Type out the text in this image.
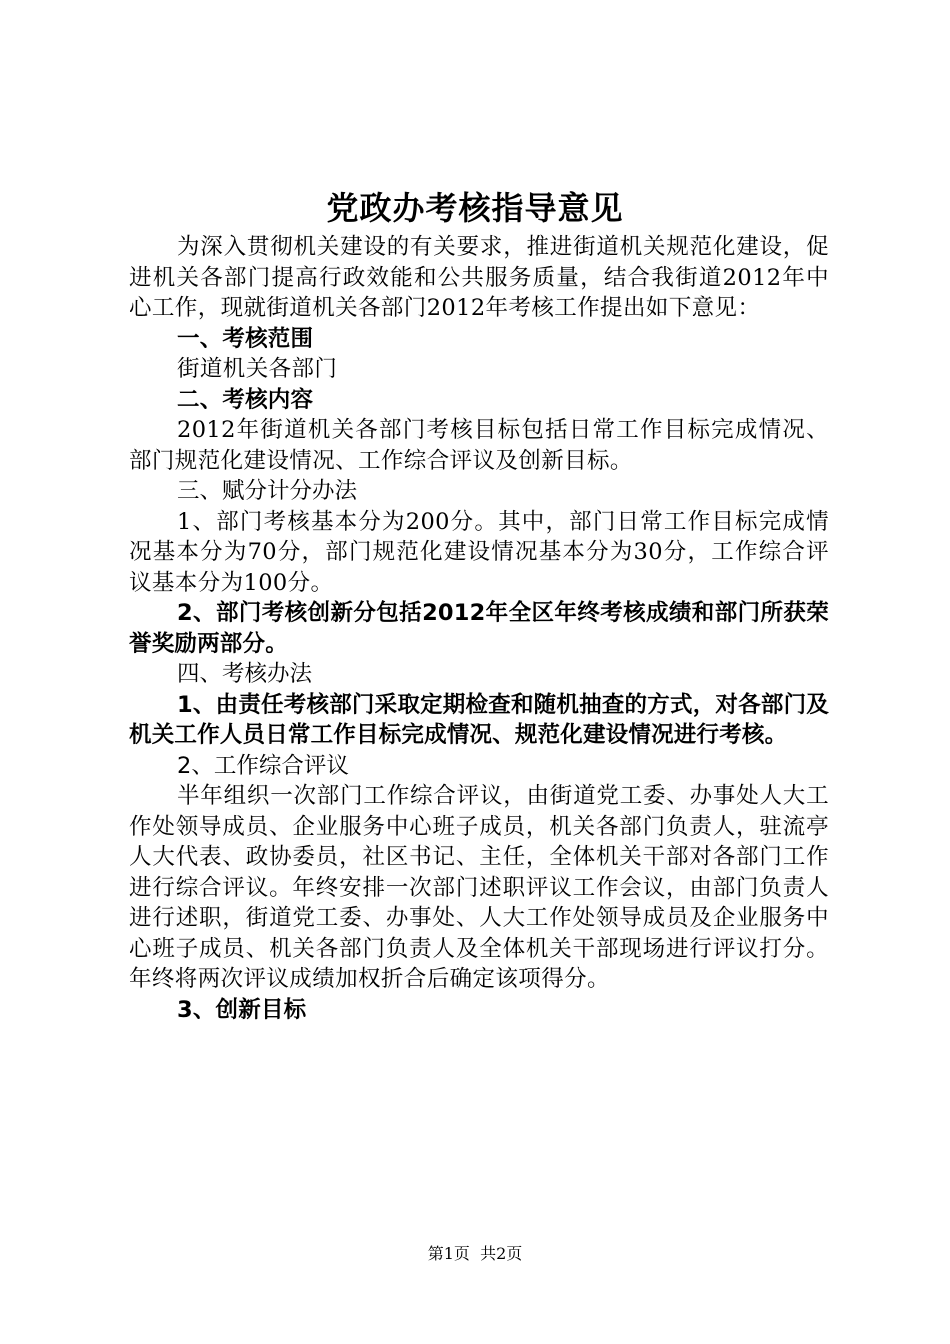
党政办考核指导意见

为深入贯彻机关建设的有关要求，推进街道机关规范化建设，促进机关各部门提高行政效能和公共服务质量，结合我街道2012年中心工作，现就街道机关各部门2012年考核工作提出如下意见：

一、考核范围

街道机关各部门

二、考核内容

2012年街道机关各部门考核目标包括日常工作目标完成情况、部门规范化建设情况、工作综合评议及创新目标。

三、赋分计分办法

1、部门考核基本分为200分。其中，部门日常工作目标完成情况基本分为70分，部门规范化建设情况基本分为30分，工作综合评议基本分为100分。

2、部门考核创新分包括2012年全区年终考核成绩和部门所获荣誉奖励两部分。

四、考核办法

1、由责任考核部门采取定期检查和随机抽查的方式，对各部门及机关工作人员日常工作目标完成情况、规范化建设情况进行考核。

2、工作综合评议

半年组织一次部门工作综合评议，由街道党工委、办事处人大工作处领导成员、企业服务中心班子成员，机关各部门负责人，驻流亭人大代表、政协委员，社区书记、主任，全体机关干部对各部门工作进行综合评议。年终安排一次部门述职评议工作会议，由部门负责人进行述职，街道党工委、办事处、人大工作处领导成员及企业服务中心班子成员、机关各部门负责人及全体机关干部现场进行评议打分。年终将两次评议成绩加权折合后确定该项得分。

3、创新目标

第1页 共2页
